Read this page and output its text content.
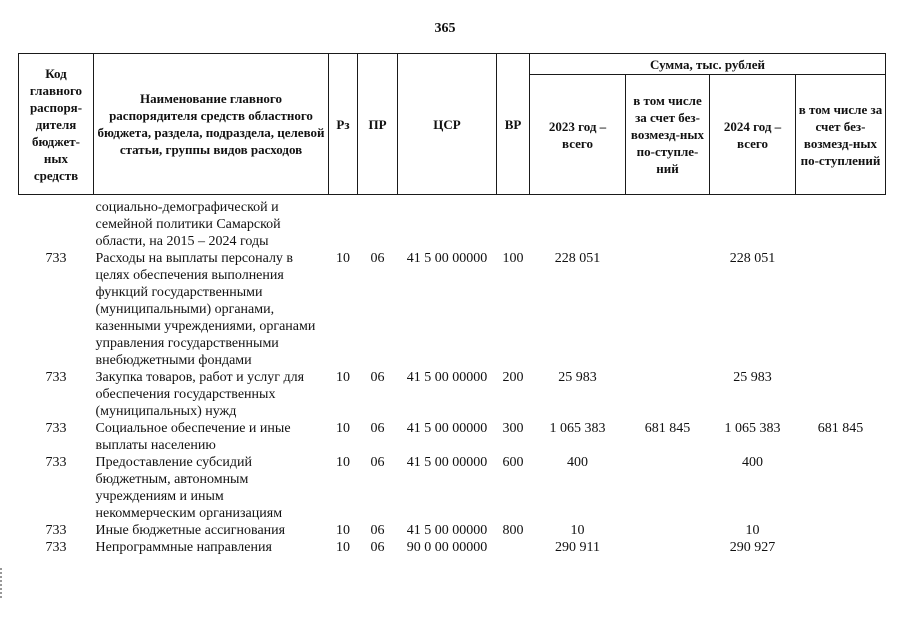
365
Код главного распоря-дителя бюджет-ных средств	Наименование главного распорядителя средств областного бюджета, раздела, подраздела, целевой статьи, группы видов расходов	Рз	ПР	ЦСР	ВР	Сумма, тыс. рублей			
						2023 год – всего	в том числе за счет без-возмезд-ных по-ступле-ний	2024 год – всего	в том числе за счет без-возмезд-ных по-ступлений

	социально-демографической и семейной политики Самарской области, на 2015 – 2024 годы								
733	Расходы на выплаты персоналу в целях обеспечения выполнения функций государственными (муниципальными) органами, казенными учреждениями, органами управления государственными внебюджетными фондами	10	06	41 5 00 00000	100	228 051		228 051	
733	Закупка товаров, работ и услуг для обеспечения государственных (муниципальных) нужд	10	06	41 5 00 00000	200	25 983		25 983	
733	Социальное обеспечение и иные выплаты населению	10	06	41 5 00 00000	300	1 065 383	681 845	1 065 383	681 845
733	Предоставление субсидий бюджетным, автономным учреждениям и иным некоммерческим организациям	10	06	41 5 00 00000	600	400		400	
733	Иные бюджетные ассигнования	10	06	41 5 00 00000	800	10		10	
733	Непрограммные направления	10	06	90 0 00 00000		290 911		290 927	
